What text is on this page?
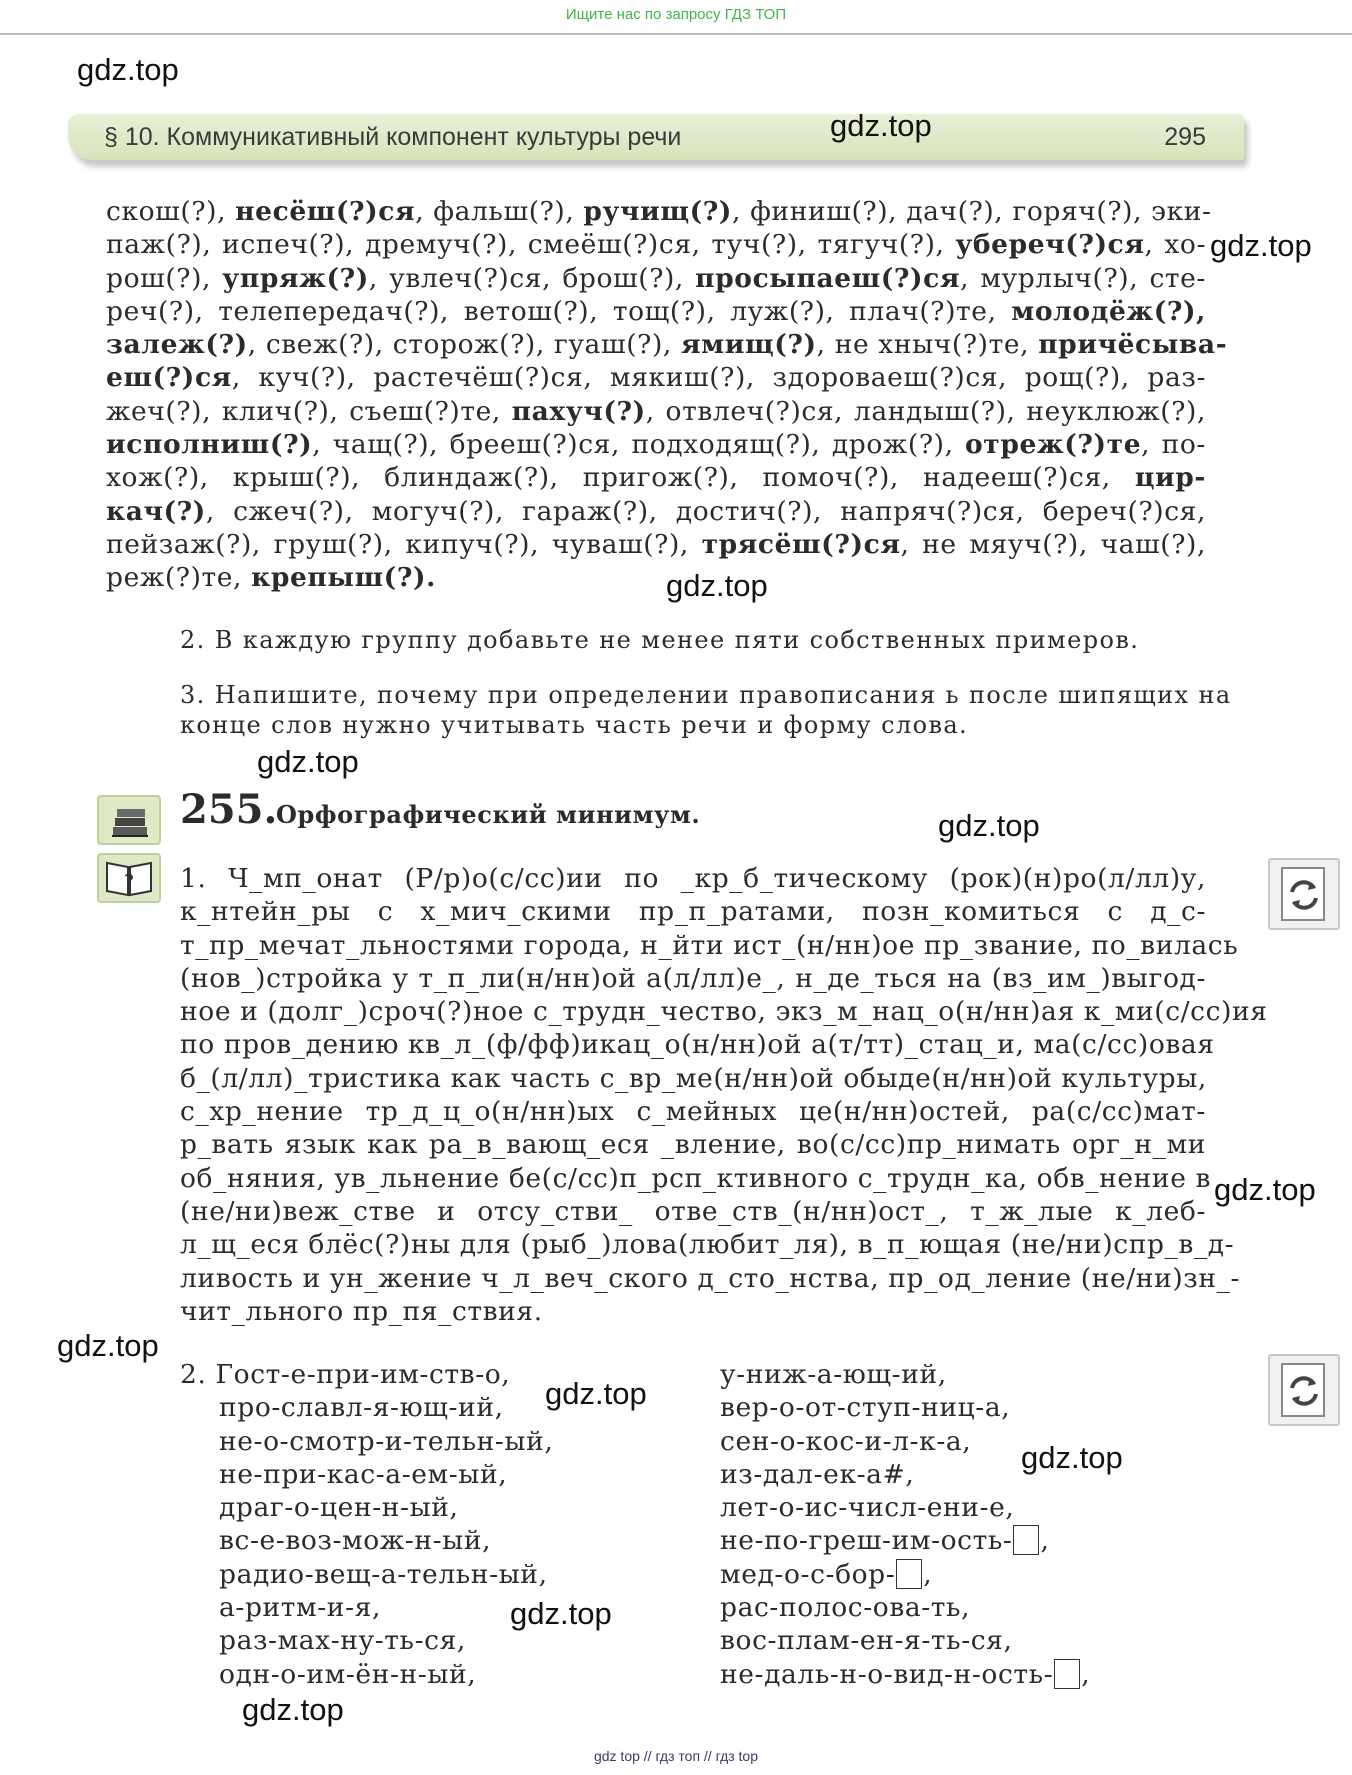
Ищите нас по запросу ГДЗ ТОП
§ 10. Коммуникативный компонент культуры речи	295
скош(?), несёш(?)ся, фальш(?), ручищ(?), финиш(?), дач(?), горяч(?), эки-
паж(?), испеч(?), дремуч(?), смеёш(?)ся, туч(?), тягуч(?), убереч(?)ся, хо-
рош(?), упряж(?), увлеч(?)ся, брош(?), просыпаеш(?)ся, мурлыч(?), сте-
реч(?), телепередач(?), ветош(?), тощ(?), луж(?), плач(?)те, молодёж(?),
залеж(?), свеж(?), сторож(?), гуаш(?), ямищ(?), не хныч(?)те, причёсыва-
еш(?)ся, куч(?), растечёш(?)ся, мякиш(?), здороваеш(?)ся, рощ(?), раз-
жеч(?), клич(?), съеш(?)те, пахуч(?), отвлеч(?)ся, ландыш(?), неуклюж(?),
исполниш(?), чащ(?), брееш(?)ся, подходящ(?), дрож(?), отреж(?)те, по-
хож(?), крыш(?), блиндаж(?), пригож(?), помоч(?), надееш(?)ся, цир-
кач(?), сжеч(?), могуч(?), гараж(?), достич(?), напряч(?)ся, береч(?)ся,
пейзаж(?), груш(?), кипуч(?), чуваш(?), трясёш(?)ся, не мяуч(?), чаш(?),
реж(?)те, крепыш(?).
2. В каждую группу добавьте не менее пяти собственных примеров.
3. Напишите, почему при определении правописания ь после шипящих на
конце слов нужно учитывать часть речи и форму слова.
?
255.
Орфографический минимум.
1. Ч_мп_онат (Р/р)о(с/сс)ии по _кр_б_тическому (рок)(н)ро(л/лл)у,
к_нтейн_ры с х_мич_скими пр_п_ратами, позн_комиться с д_с-
т_пр_мечат_льностями города, н_йти ист_(н/нн)ое пр_звание, по_вилась
(нов_)стройка у т_п_ли(н/нн)ой а(л/лл)е_, н_де_ться на (вз_им_)выгод-
ное и (долг_)сроч(?)ное с_трудн_чество, экз_м_нац_о(н/нн)ая к_ми(с/сс)ия
по пров_дению кв_л_(ф/фф)икац_о(н/нн)ой а(т/тт)_стац_и, ма(с/сс)овая
б_(л/лл)_тристика как часть с_вр_ме(н/нн)ой обыде(н/нн)ой культуры,
с_хр_нение тр_д_ц_о(н/нн)ых с_мейных це(н/нн)остей, ра(с/сс)мат-
р_вать язык как ра_в_вающ_еся _вление, во(с/сс)пр_нимать орг_н_ми
об_няния, ув_льнение бе(с/сс)п_рсп_ктивного с_трудн_ка, обв_нение в
(не/ни)веж_стве и отсу_стви_ отве_ств_(н/нн)ост_, т_ж_лые к_леб-
л_щ_еся блёс(?)ны для (рыб_)лова(любит_ля), в_п_ющая (не/ни)спр_в_д-
ливость и ун_жение ч_л_веч_ского д_сто_нства, пр_од_ление (не/ни)зн_-
чит_льного пр_пя_ствия.
2. Гост-е-при-им-ств-о,
про-славл-я-ющ-ий,
не-о-смотр-и-тельн-ый,
не-при-кас-а-ем-ый,
драг-о-цен-н-ый,
вс-е-воз-мож-н-ый,
радио-вещ-а-тельн-ый,
а-ритм-и-я,
раз-мах-ну-ть-ся,
одн-о-им-ён-н-ый,
у-ниж-а-ющ-ий,
вер-о-от-ступ-ниц-а,
сен-о-кос-и-л-к-а,
из-дал-ек-а#,
лет-о-ис-числ-ени-е,
не-по-греш-им-ость- ,
мед-о-с-бор- ,
рас-полос-ова-ть,
вос-плам-ен-я-ть-ся,
не-даль-н-о-вид-н-ость- ,
gdz.top
gdz.top
gdz.top
gdz.top
gdz.top
gdz.top
gdz.top
gdz.top
gdz.top
gdz.top
gdz.top
gdz.top
gdz top // гдз топ // гдз top
